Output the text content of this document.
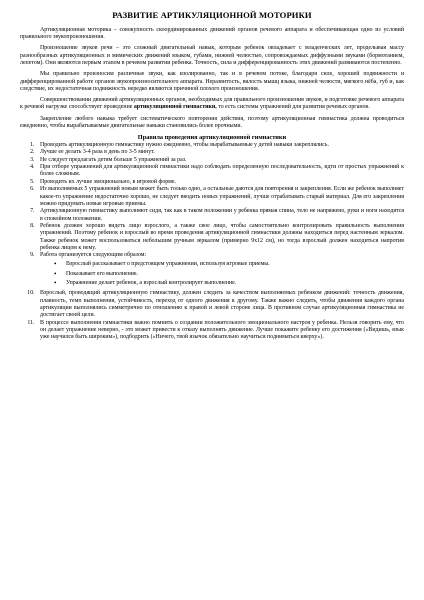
РАЗВИТИЕ АРТИКУЛЯЦИОННОЙ МОТОРИКИ

Артикуляционная моторика – совокупность скоординированных движений органов речевого аппарата и обеспечивающая одно из условий правильного звукопроизношения.

Произношение звуков речи – это сложный двигательный навык, которым ребенок овладевает с младенческих лет, проделывая массу разнообразных артикуляционных и мимических движений языком, губами, нижней челюстью, сопровождаемых диффузными звуками (бормотанием, лепетом). Они являются первым этапом в речевом развитии ребенка. Точность, сила и дифференцированность этих движений развиваются постепенно.

Мы правильно произносим различные звуки, как изолированно, так и в речевом потоке, благодаря силе, хорошей подвижности и дифференцированной работе органов звукопроизносительного аппарата. Неразвитость, вялость мышц языка, нижней челюсти, мягкого нёба, губ и, как следствие, их недостаточная подвижность нередко являются причиной плохого произношения.

Совершенствовании движений артикуляционных органов, необходимых для правильного произношения звуков, и подготовке речевого аппарата к речевой нагрузке способствует проведение артикуляционной гимнастики, то есть системы упражнений для развития речевых органов.

Закрепление любого навыка требует систематического повторения действия, поэтому артикуляционная гимнастика должна проводиться ежедневно, чтобы вырабатываемые двигательные навыки становились более прочными.

Правила проведения артикуляционной гимнастики
1. Проводить артикуляционную гимнастику нужно ежедневно, чтобы вырабатываемые у детей навыки закреплялись.
2. Лучше ее делать 3-4 раза в день по 3-5 минут.
3. Не следует предлагать детям больше 5 упражнений за раз.
4. При отборе упражнений для артикуляционной гимнастики надо соблюдать определенную последовательность, идти от простых упражнений к более сложным.
5. Проводить их лучше эмоционально, в игровой форме.
6. Из выполняемых 5 упражнений новым может быть только одно, а остальные даются для повторения и закрепления. Если же ребенок выполняет какое-то упражнение недостаточно хорошо, не следует вводить новых упражнений, лучше отрабатывать старый материал. Для его закрепления можно придумать новые игровые приемы.
7. Артикуляционную гимнастику выполняют сидя, так как в таком положении у ребенка прямая спина, тело не напряжено, руки и ноги находятся в спокойном положении.
8. Ребенок должен хорошо видеть лицо взрослого, а также свое лицо, чтобы самостоятельно контролировать правильность выполнения упражнений. Поэтому ребенок и взрослый во время проведения артикуляционной гимнастики должны находиться перед настенным зеркалом. Также ребенок может воспользоваться небольшим ручным зеркалом (примерно 9x12 см), но тогда взрослый должен находиться напротив ребенка лицом к нему.
9. Работа организуется следующим образом:
• Взрослый рассказывает о предстоящем упражнении, используя игровые приемы.
• Показывает его выполнение.
• Упражнение делает ребенок, а взрослый контролирует выполнение.
10. Взрослый, проводящий артикуляционную гимнастику, должен следить за качеством выполняемых ребенком движений: точность движения, плавность, темп выполнения, устойчивость, переход от одного движения к другому. Также важно следить, чтобы движения каждого органа артикуляции выполнялись симметрично по отношению к правой и левой стороне лица. В противном случае артикуляционная гимнастика не достигает своей цели.
11. В процессе выполнения гимнастики важно помнить о создании положительного эмоционального настроя у ребенка. Нельзя говорить ему, что он делает упражнение неверно, - это может привести к отказу выполнять движение. Лучше покажите ребенку его достижения («Видишь, язык уже научился быть широким»), подбодрить («Ничего, твой язычок обязательно научиться подниматься кверху»).
